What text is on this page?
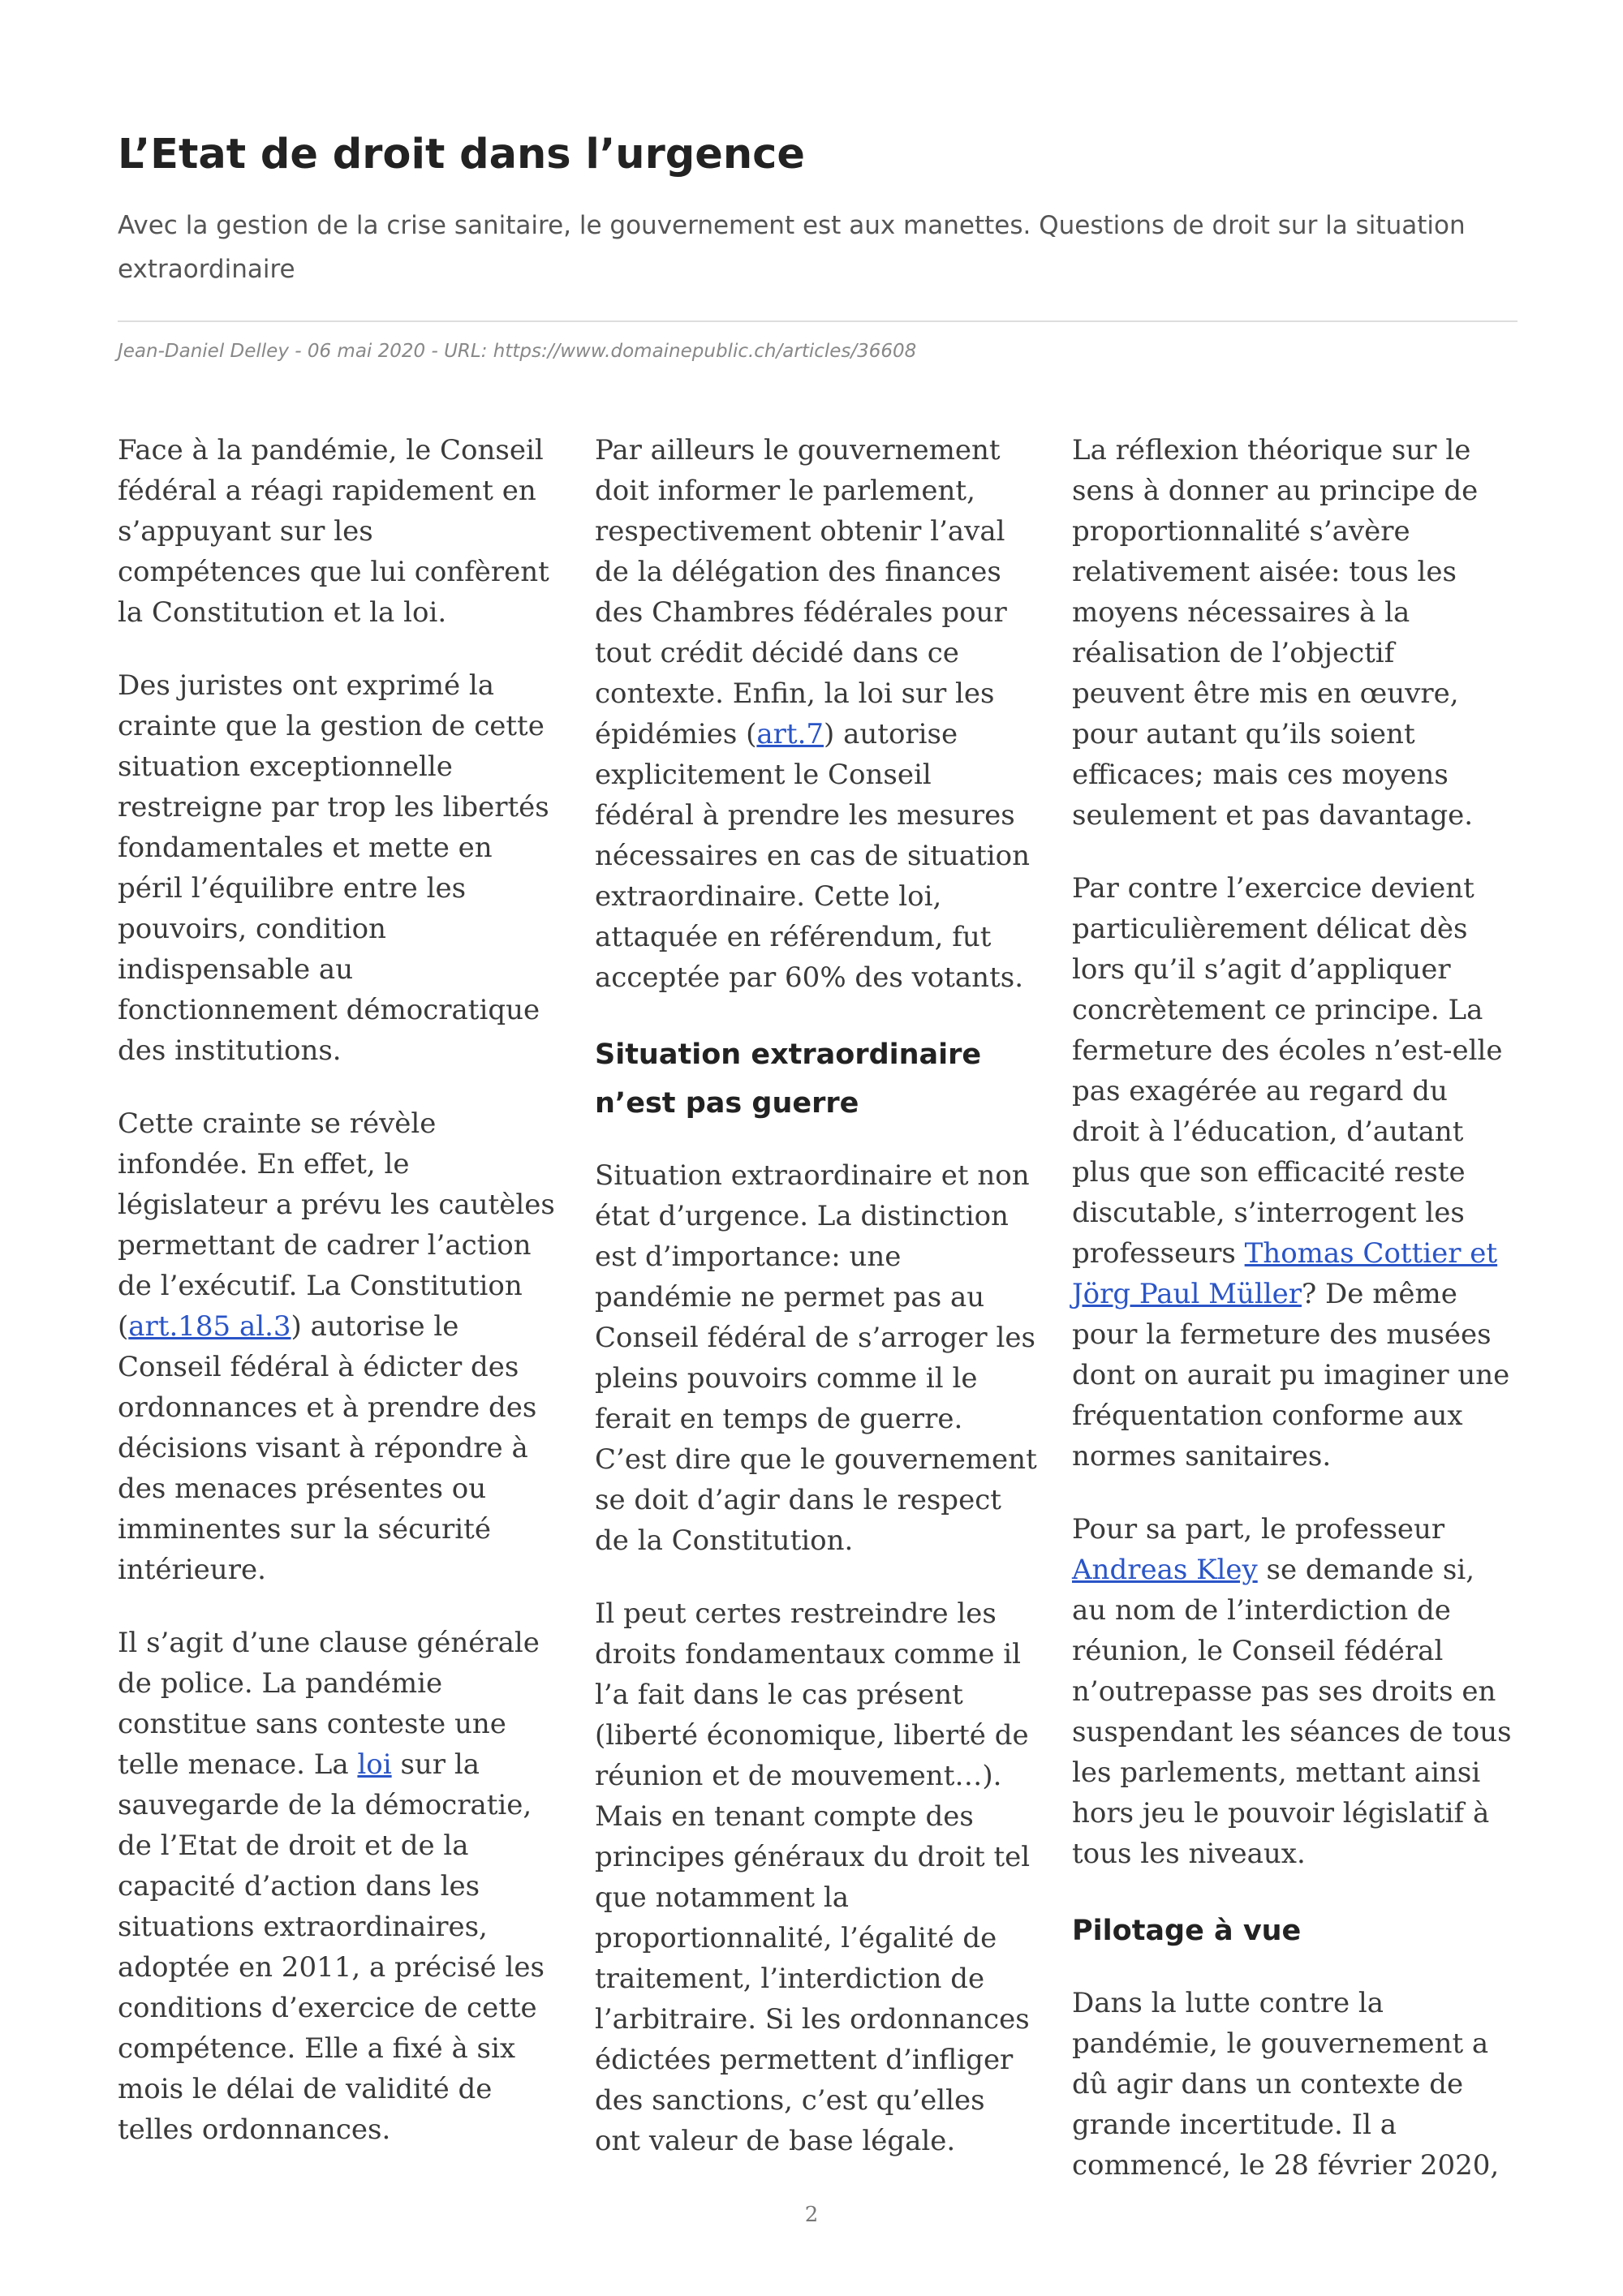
L’Etat de droit dans l’urgence

Avec la gestion de la crise sanitaire, le gouvernement est aux manettes. Questions de droit sur la situation extraordinaire

Jean-Daniel Delley - 06 mai 2020 - URL: https://www.domainepublic.ch/articles/36608

Face à la pandémie, le Conseil fédéral a réagi rapidement en s’appuyant sur les compétences que lui confèrent la Constitution et la loi.

Des juristes ont exprimé la crainte que la gestion de cette situation exceptionnelle restreigne par trop les libertés fondamentales et mette en péril l’équilibre entre les pouvoirs, condition indispensable au fonctionnement démocratique des institutions.

Cette crainte se révèle infondée. En effet, le législateur a prévu les cautèles permettant de cadrer l’action de l’exécutif. La Constitution (art.185 al.3) autorise le Conseil fédéral à édicter des ordonnances et à prendre des décisions visant à répondre à des menaces présentes ou imminentes sur la sécurité intérieure.

Il s’agit d’une clause générale de police. La pandémie constitue sans conteste une telle menace. La loi sur la sauvegarde de la démocratie, de l’Etat de droit et de la capacité d’action dans les situations extraordinaires, adoptée en 2011, a précisé les conditions d’exercice de cette compétence. Elle a fixé à six mois le délai de validité de telles ordonnances.

Par ailleurs le gouvernement doit informer le parlement, respectivement obtenir l’aval de la délégation des finances des Chambres fédérales pour tout crédit décidé dans ce contexte. Enfin, la loi sur les épidémies (art.7) autorise explicitement le Conseil fédéral à prendre les mesures nécessaires en cas de situation extraordinaire. Cette loi, attaquée en référendum, fut acceptée par 60% des votants.

Situation extraordinaire n’est pas guerre

Situation extraordinaire et non état d’urgence. La distinction est d’importance: une pandémie ne permet pas au Conseil fédéral de s’arroger les pleins pouvoirs comme il le ferait en temps de guerre. C’est dire que le gouvernement se doit d’agir dans le respect de la Constitution.

Il peut certes restreindre les droits fondamentaux comme il l’a fait dans le cas présent (liberté économique, liberté de réunion et de mouvement…). Mais en tenant compte des principes généraux du droit tel que notamment la proportionnalité, l’égalité de traitement, l’interdiction de l’arbitraire. Si les ordonnances édictées permettent d’infliger des sanctions, c’est qu’elles ont valeur de base légale.

La réflexion théorique sur le sens à donner au principe de proportionnalité s’avère relativement aisée: tous les moyens nécessaires à la réalisation de l’objectif peuvent être mis en œuvre, pour autant qu’ils soient efficaces; mais ces moyens seulement et pas davantage.

Par contre l’exercice devient particulièrement délicat dès lors qu’il s’agit d’appliquer concrètement ce principe. La fermeture des écoles n’est-elle pas exagérée au regard du droit à l’éducation, d’autant plus que son efficacité reste discutable, s’interrogent les professeurs Thomas Cottier et Jörg Paul Müller? De même pour la fermeture des musées dont on aurait pu imaginer une fréquentation conforme aux normes sanitaires.

Pour sa part, le professeur Andreas Kley se demande si, au nom de l’interdiction de réunion, le Conseil fédéral n’outrepasse pas ses droits en suspendant les séances de tous les parlements, mettant ainsi hors jeu le pouvoir législatif à tous les niveaux.

Pilotage à vue

Dans la lutte contre la pandémie, le gouvernement a dû agir dans un contexte de grande incertitude. Il a commencé, le 28 février 2020,

2
